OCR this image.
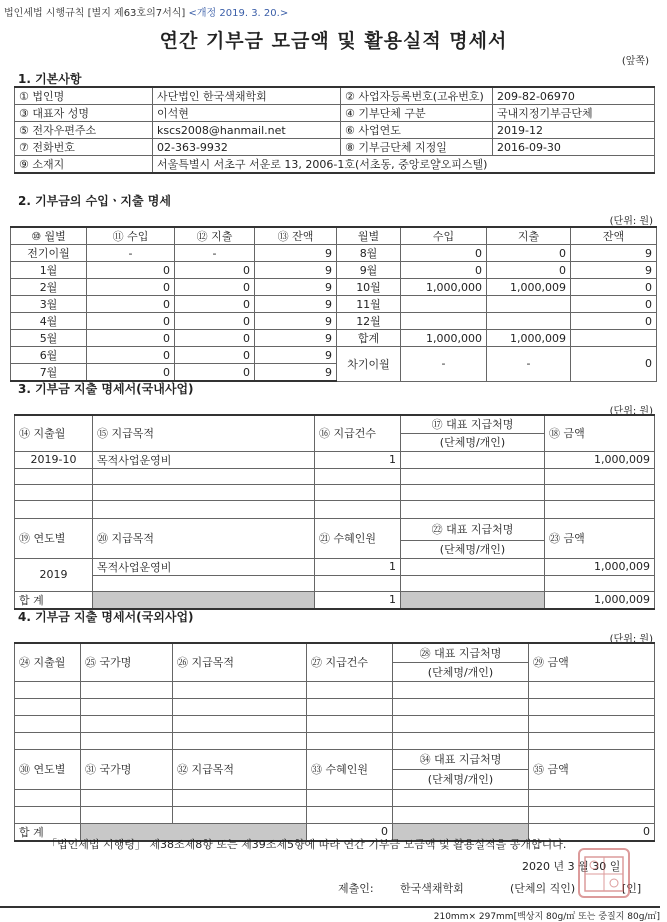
법인세법 시행규칙 [별지 제63호의7서식] <개정 2019. 3. 20.>
연간 기부금 모금액 및 활용실적 명세서
(앞쪽)
1. 기본사항
① 법인명	사단법인 한국색채학회	② 사업자등록번호(고유번호)	209-82-06970
③ 대표자 성명	이석현	④ 기부단체 구분	국내지정기부금단체
⑤ 전자우편주소	kscs2008@hanmail.net	⑥ 사업연도	2019-12
⑦ 전화번호	02-363-9932	⑧ 기부금단체 지정일	2016-09-30
⑨ 소재지	서울특별시 서초구 서운로 13, 2006-1호(서초동, 중앙로얄오피스텔)		
2. 기부금의 수입ㆍ지출 명세
(단위: 원)
⑩ 월별	⑪ 수입	⑫ 지출	⑬ 잔액	월별	수입	지출	잔액
전기이월	-	-	9	8월	0	0	9
1월	0	0	9	9월	0	0	9
2월	0	0	9	10월	1,000,000	1,000,009	0
3월	0	0	9	11월			0
4월	0	0	9	12월			0
5월	0	0	9	합계	1,000,000	1,000,009	
6월	0	0	9	차기이월	-	-	0
7월	0	0	9				
3. 기부금 지출 명세서(국내사업)
(단위: 원)
⑭ 지출월	⑮ 지급목적	⑯ 지급건수	⑰ 대표 지급처명	⑱ 금액
			(단체명/개인)	
2019-10	목적사업운영비	1		1,000,009

⑲ 연도별	⑳ 지급목적	㉑ 수혜인원	㉒ 대표 지급처명	㉓ 금액
			(단체명/개인)	
2019	목적사업운영비	1		1,000,009

합 계		1		1,000,009
4. 기부금 지출 명세서(국외사업)
(단위: 원)
㉔ 지출월	㉕ 국가명	㉖ 지급목적	㉗ 지급건수	㉘ 대표 지급처명	㉙ 금액
				(단체명/개인)	

㉚ 연도별	㉛ 국가명	㉜ 지급목적	㉝ 수혜인원	㉞ 대표 지급처명	㉟ 금액
				(단체명/개인)	

합 계			0		0
「법인세법 시행령」 제38조제8항 또는 제39조제5항에 따라 연간 기부금 모금액 및 활용실적을 공개합니다.
2020 년 3 월 30 일
제출인: 한국색채학회	(단체의 직인)	[인]
210mm× 297mm[백상지 80g/㎡ 또는 중질지 80g/㎡]
